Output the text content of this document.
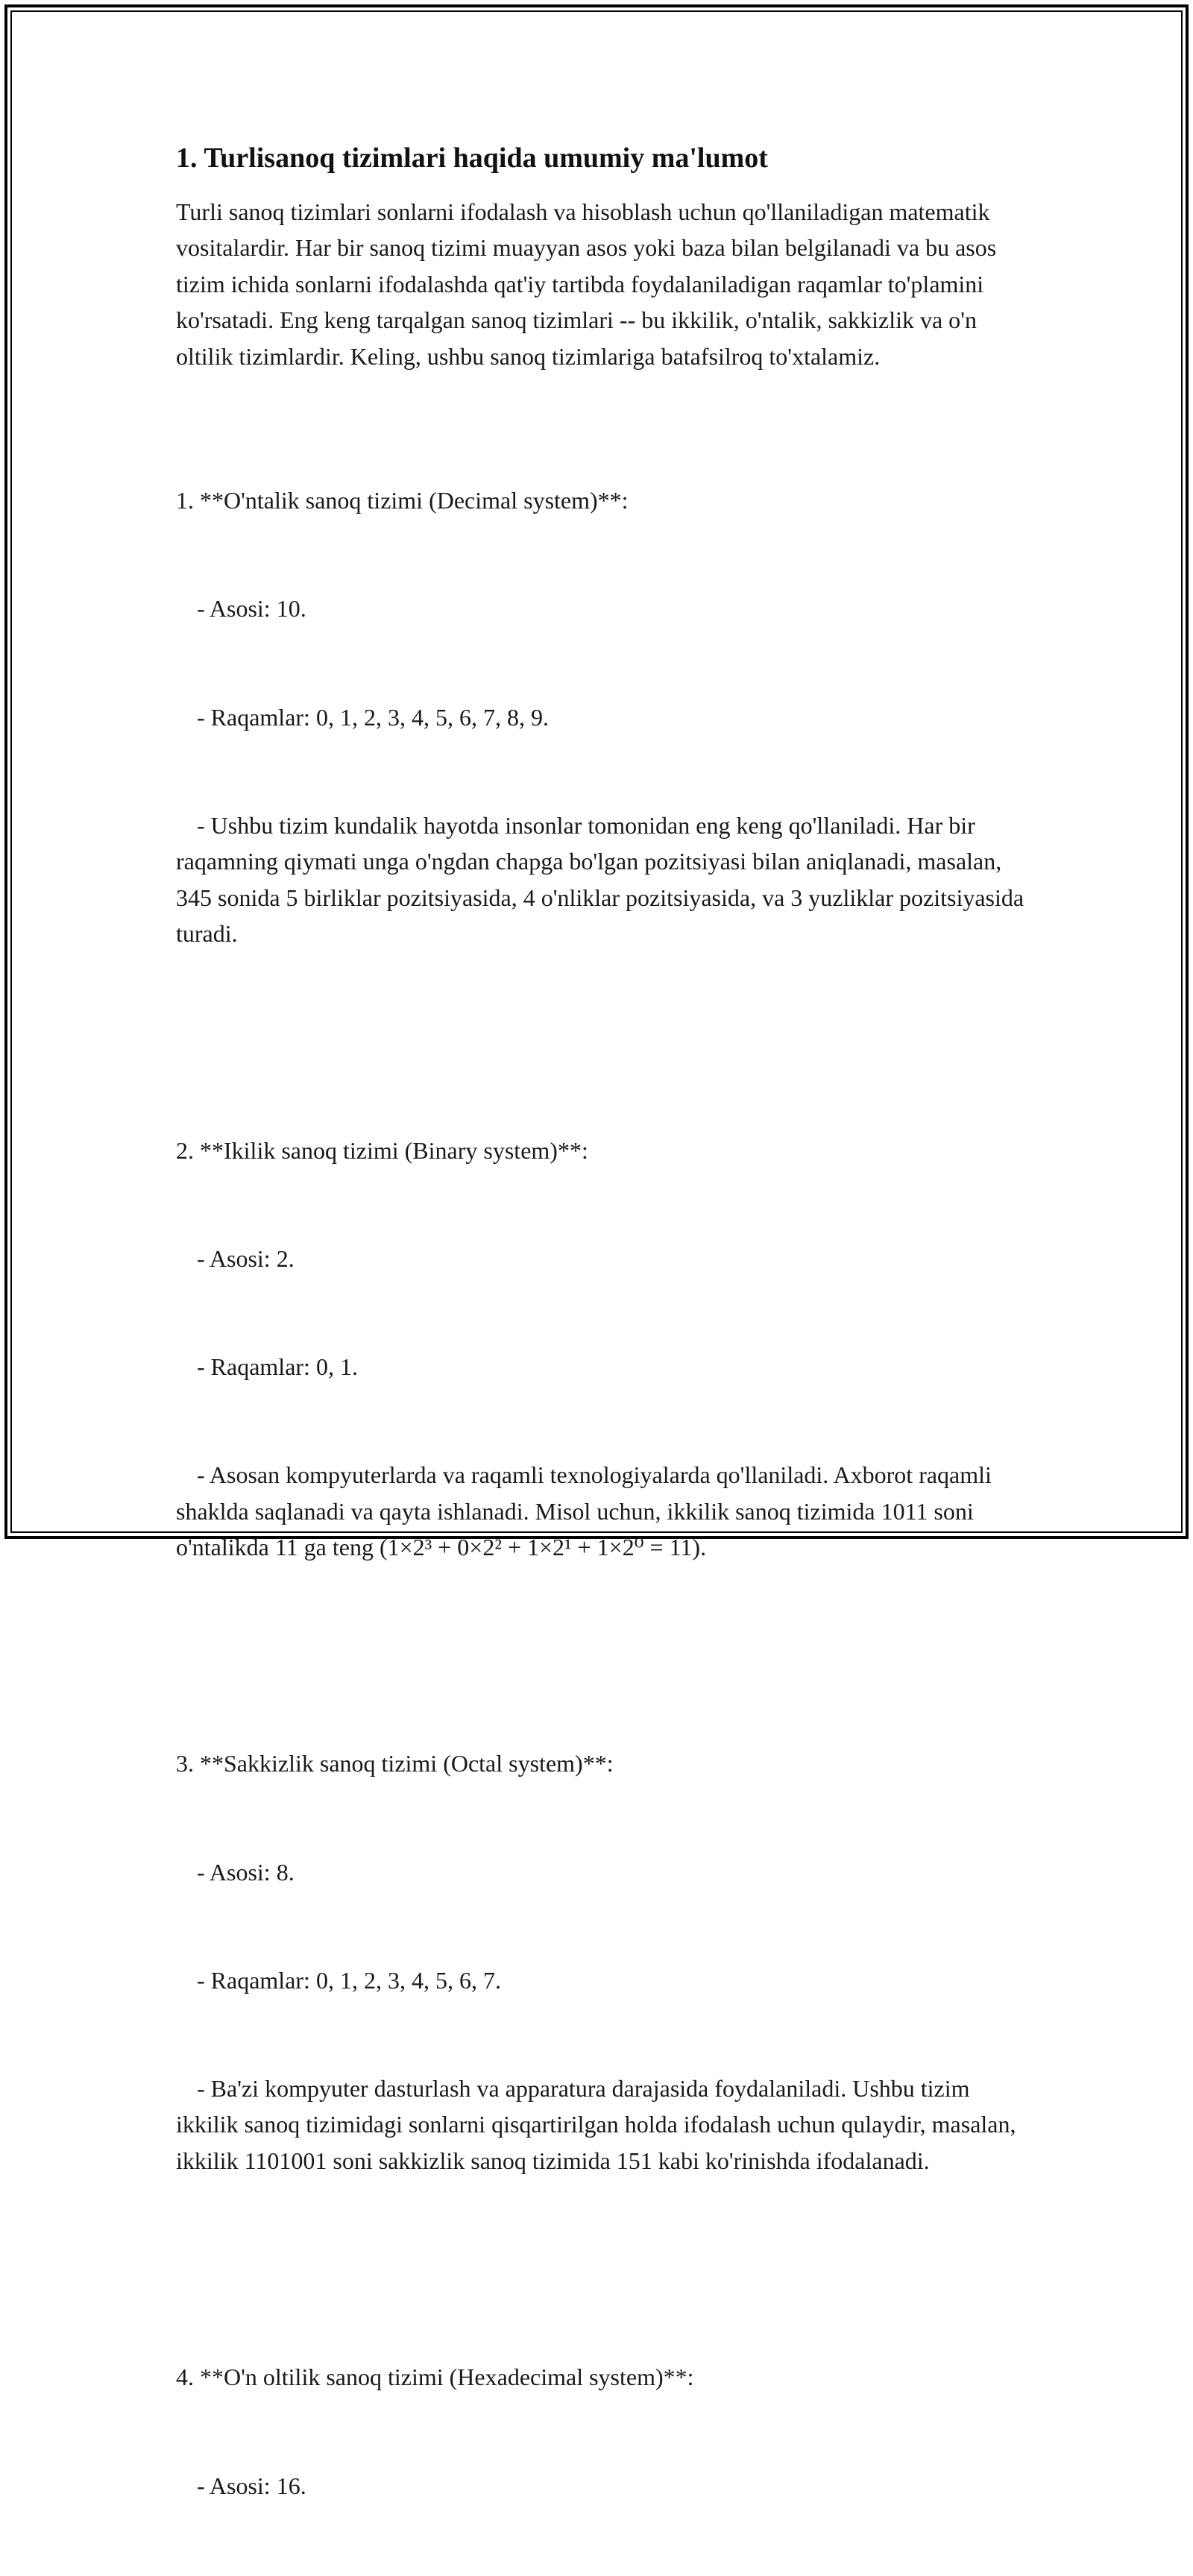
1. Turlisanoq tizimlari haqida umumiy ma'lumot

Turli sanoq tizimlari sonlarni ifodalash va hisoblash uchun qo'llaniladigan matematik vositalardir. Har bir sanoq tizimi muayyan asos yoki baza bilan belgilanadi va bu asos tizim ichida sonlarni ifodalashda qat'iy tartibda foydalaniladigan raqamlar to'plamini ko'rsatadi. Eng keng tarqalgan sanoq tizimlari -- bu ikkilik, o'ntalik, sakkizlik va o'n oltilik tizimlardir. Keling, ushbu sanoq tizimlariga batafsilroq to'xtalamiz.

1. **O'ntalik sanoq tizimi (Decimal system)**:

- Asosi: 10.

- Raqamlar: 0, 1, 2, 3, 4, 5, 6, 7, 8, 9.

- Ushbu tizim kundalik hayotda insonlar tomonidan eng keng qo'llaniladi. Har bir raqamning qiymati unga o'ngdan chapga bo'lgan pozitsiyasi bilan aniqlanadi, masalan, 345 sonida 5 birliklar pozitsiyasida, 4 o'nliklar pozitsiyasida, va 3 yuzliklar pozitsiyasida turadi.

2. **Ikilik sanoq tizimi (Binary system)**:

- Asosi: 2.

- Raqamlar: 0, 1.

- Asosan kompyuterlarda va raqamli texnologiyalarda qo'llaniladi. Axborot raqamli shaklda saqlanadi va qayta ishlanadi. Misol uchun, ikkilik sanoq tizimida 1011 soni o'ntalikda 11 ga teng (1×2³ + 0×2² + 1×2¹ + 1×2⁰ = 11).

3. **Sakkizlik sanoq tizimi (Octal system)**:

- Asosi: 8.

- Raqamlar: 0, 1, 2, 3, 4, 5, 6, 7.

- Ba'zi kompyuter dasturlash va apparatura darajasida foydalaniladi. Ushbu tizim ikkilik sanoq tizimidagi sonlarni qisqartirilgan holda ifodalash uchun qulaydir, masalan, ikkilik 1101001 soni sakkizlik sanoq tizimida 151 kabi ko'rinishda ifodalanadi.

4. **O'n oltilik sanoq tizimi (Hexadecimal system)**:

- Asosi: 16.
